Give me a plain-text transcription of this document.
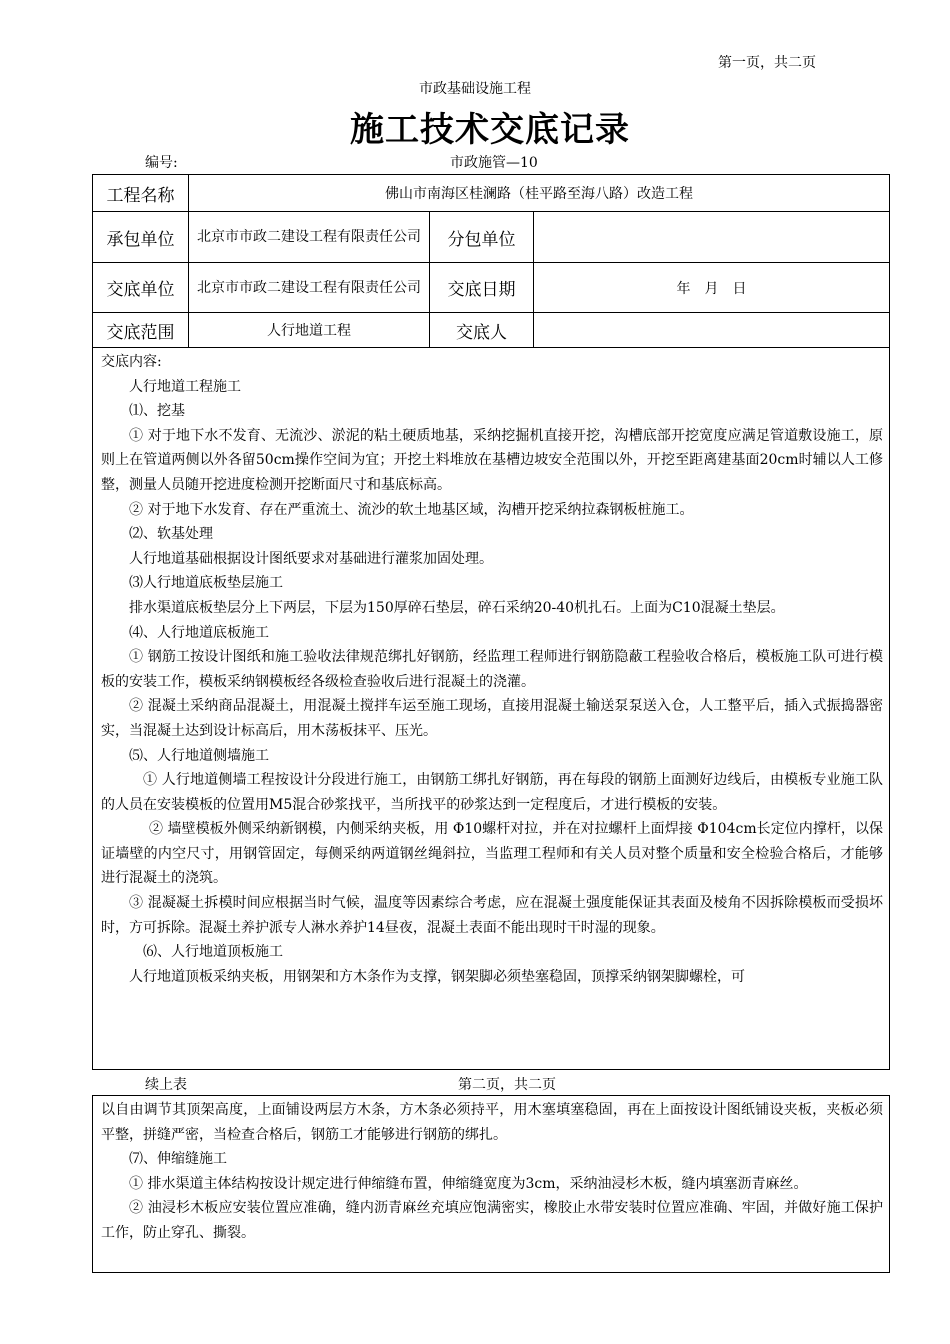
第一页，共二页
市政基础设施工程
施工技术交底记录
编号:	市政施管—10
工程名称	佛山市南海区桂澜路（桂平路至海八路）改造工程		
承包单位	北京市市政二建设工程有限责任公司	分包单位	
交底单位	北京市市政二建设工程有限责任公司	交底日期	年　月　日
交底范围	人行地道工程	交底人	

交底内容:

人行地道工程施工

⑴、挖基

① 对于地下水不发育、无流沙、淤泥的粘土硬质地基，采纳挖掘机直接开挖，沟槽底部开挖宽度应满足管道敷设施工，原则上在管道两侧以外各留50cm操作空间为宜；开挖土料堆放在基槽边坡安全范围以外，开挖至距离建基面20cm时辅以人工修整，测量人员随开挖进度检测开挖断面尺寸和基底标高。

② 对于地下水发育、存在严重流土、流沙的软土地基区域，沟槽开挖采纳拉森钢板桩施工。

⑵、软基处理

人行地道基础根据设计图纸要求对基础进行灌浆加固处理。

⑶人行地道底板垫层施工

排水渠道底板垫层分上下两层，下层为150厚碎石垫层，碎石采纳20-40机扎石。上面为C10混凝土垫层。

⑷、人行地道底板施工

① 钢筋工按设计图纸和施工验收法律规范绑扎好钢筋，经监理工程师进行钢筋隐蔽工程验收合格后，模板施工队可进行模板的安装工作，模板采纳钢模板经各级检查验收后进行混凝土的浇灌。

② 混凝土采纳商品混凝土，用混凝土搅拌车运至施工现场，直接用混凝土输送泵泵送入仓，人工整平后，插入式振捣器密实，当混凝土达到设计标高后，用木荡板抹平、压光。

⑸、人行地道侧墙施工

① 人行地道侧墙工程按设计分段进行施工，由钢筋工绑扎好钢筋，再在每段的钢筋上面测好边线后，由模板专业施工队的人员在安装模板的位置用M5混合砂浆找平，当所找平的砂浆达到一定程度后，才进行模板的安装。

② 墙壁模板外侧采纳新钢模，内侧采纳夹板，用 Φ10螺杆对拉，并在对拉螺杆上面焊接 Φ104cm长定位内撑杆，以保证墙壁的内空尺寸，用钢管固定，每侧采纳两道钢丝绳斜拉，当监理工程师和有关人员对整个质量和安全检验合格后，才能够进行混凝土的浇筑。

③ 混凝凝土拆模时间应根据当时气候，温度等因素综合考虑，应在混凝土强度能保证其表面及棱角不因拆除模板而受损坏时，方可拆除。混凝土养护派专人淋水养护14昼夜，混凝土表面不能出现时干时湿的现象。

⑹、人行地道顶板施工

人行地道顶板采纳夹板，用钢架和方木条作为支撑，钢架脚必须垫塞稳固，顶撑采纳钢架脚螺栓，可

续上表	第二页，共二页

以自由调节其顶架高度，上面铺设两层方木条，方木条必须持平，用木塞填塞稳固，再在上面按设计图纸铺设夹板，夹板必须平整，拼缝严密，当检查合格后，钢筋工才能够进行钢筋的绑扎。

⑺、伸缩缝施工

① 排水渠道主体结构按设计规定进行伸缩缝布置，伸缩缝宽度为3cm，采纳油浸杉木板，缝内填塞沥青麻丝。

② 油浸杉木板应安装位置应准确，缝内沥青麻丝充填应饱满密实，橡胶止水带安装时位置应准确、牢固，并做好施工保护工作，防止穿孔、撕裂。
